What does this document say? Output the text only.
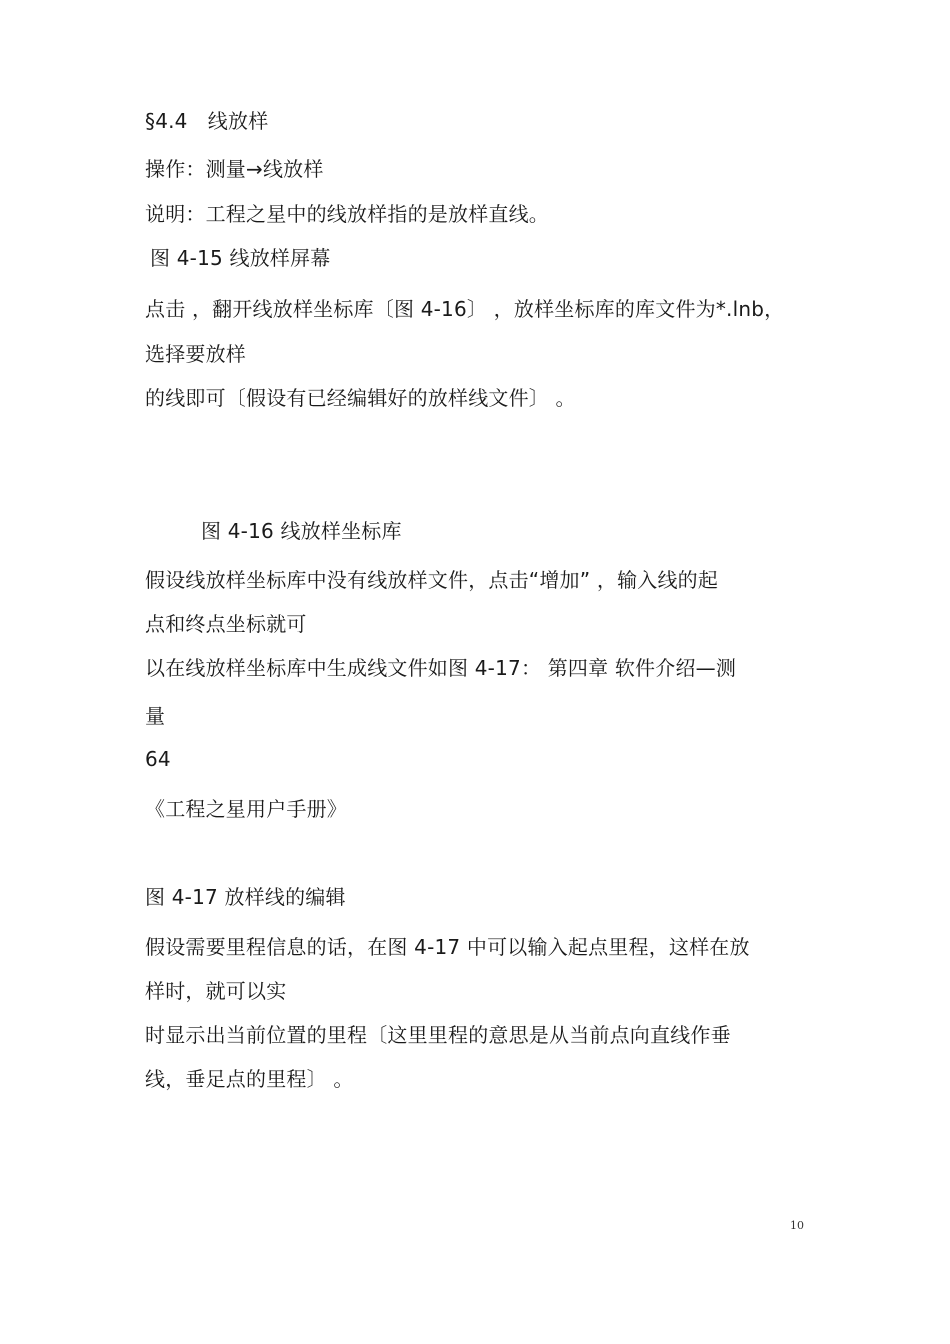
§4.4　线放样
操作：测量→线放样
说明：工程之星中的线放样指的是放样直线。
图 4-15 线放样屏幕
点击 ，翻开线放样坐标库〔图 4-16〕 ，放样坐标库的库文件为*.lnb，
选择要放样
的线即可〔假设有已经编辑好的放样线文件〕 。
图 4-16 线放样坐标库
假设线放样坐标库中没有线放样文件，点击“增加” ，输入线的起
点和终点坐标就可
以在线放样坐标库中生成线文件如图 4-17： 第四章 软件介绍—测
量
64
《工程之星用户手册》
图 4-17 放样线的编辑
假设需要里程信息的话，在图 4-17 中可以输入起点里程，这样在放
样时，就可以实
时显示出当前位置的里程〔这里里程的意思是从当前点向直线作垂
线，垂足点的里程〕 。
10
